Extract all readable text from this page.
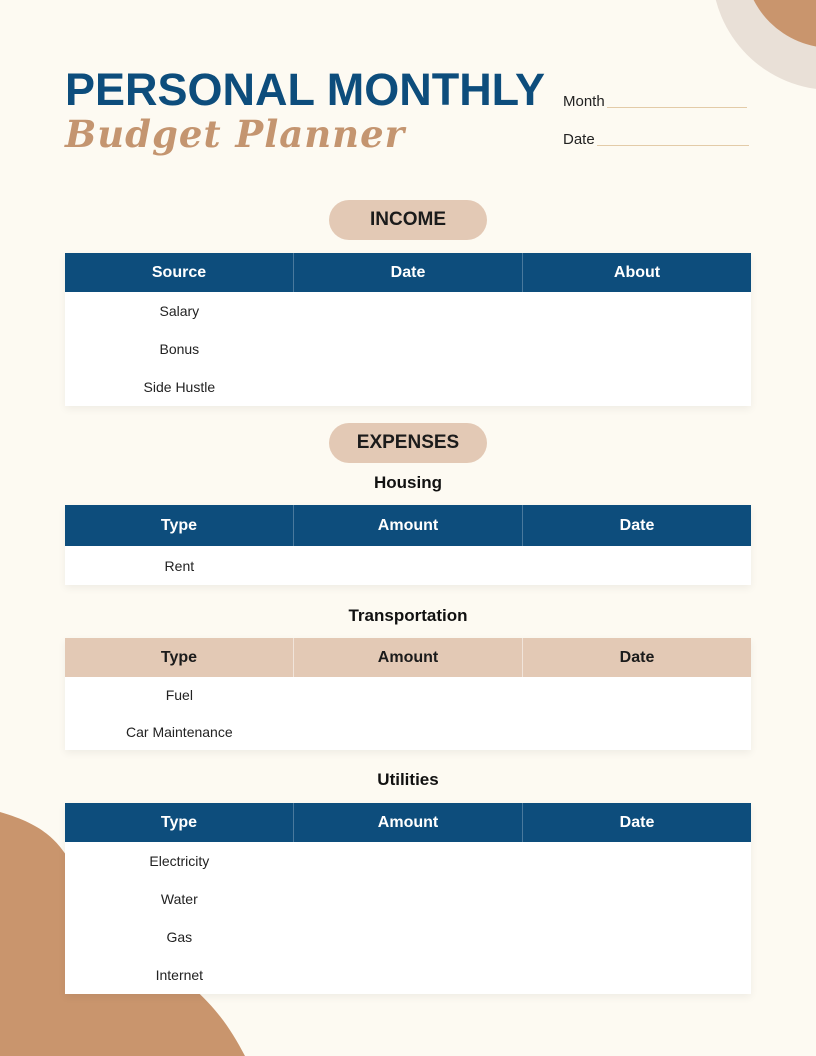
PERSONAL MONTHLY
Budget Planner
Month
Date
INCOME
Source	Date	About
Salary
Bonus
Side Hustle
EXPENSES
Housing
Type	Amount	Date
Rent
Transportation
Type	Amount	Date
Fuel
Car Maintenance
Utilities
Type	Amount	Date
Electricity
Water
Gas
Internet
